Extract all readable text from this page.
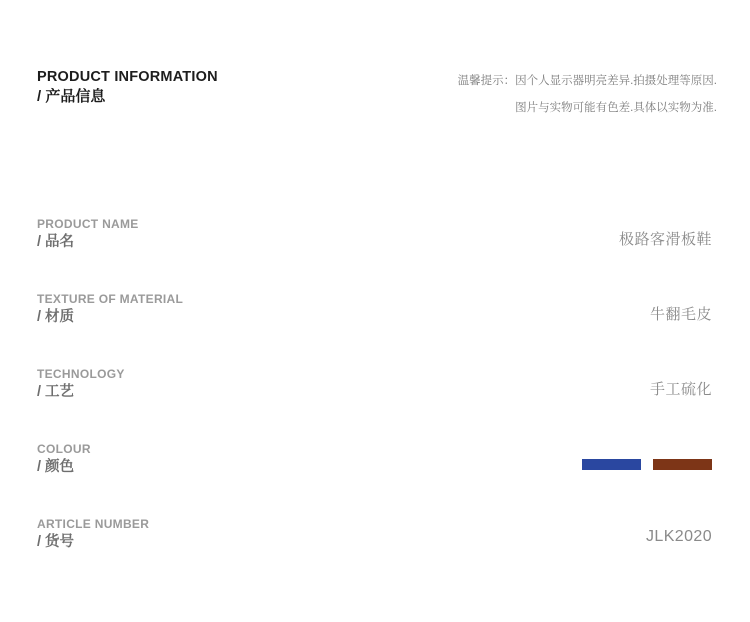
PRODUCT INFORMATION
/ 产品信息
温馨提示：因个人显示器明亮差异.拍摄处理等原因.
图片与实物可能有色差.具体以实物为准.
PRODUCT NAME
/ 品名	极路客滑板鞋
TEXTURE OF MATERIAL
/ 材质	牛翻毛皮
TECHNOLOGY
/ 工艺	手工硫化
COLOUR
/ 颜色
ARTICLE NUMBER
/ 货号	JLK2020
